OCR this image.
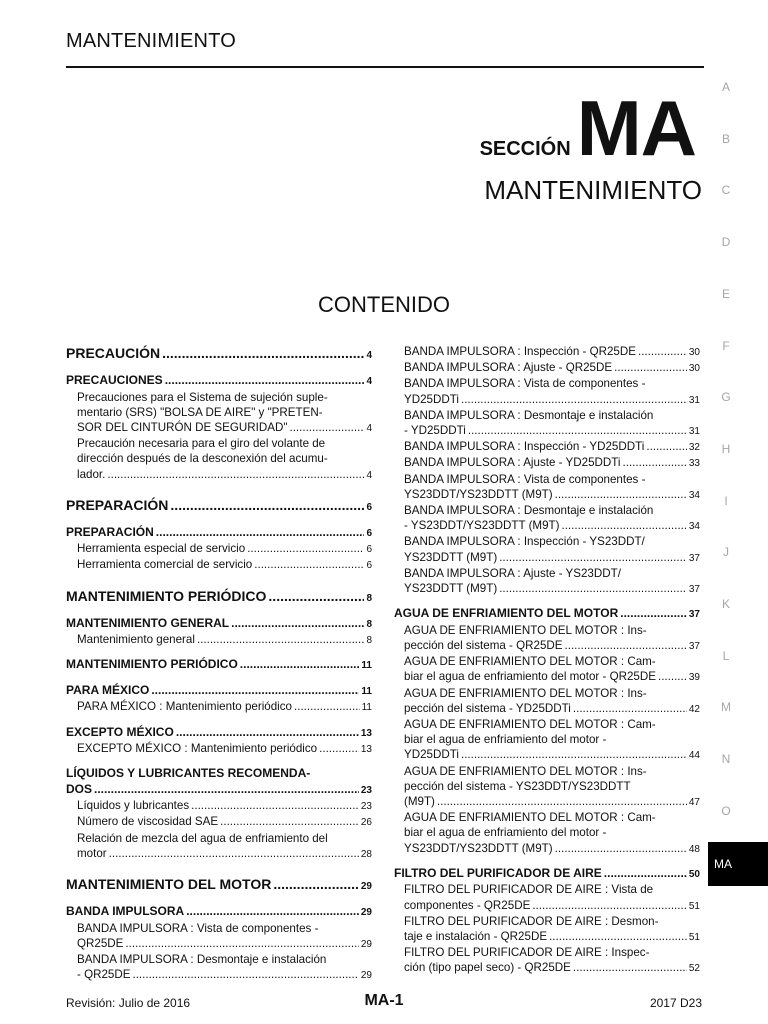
MANTENIMIENTO
A
B
C
D
E
F
G
H
I
J
K
L
M
N
O
MA
SECCIÓNMA
MANTENIMIENTO
CONTENIDO
PRECAUCIÓN .....	4
PRECAUCIONES .....	4
Precauciones para el Sistema de sujeción suple-
mentario (SRS) "BOLSA DE AIRE" y "PRETEN-
SOR DEL CINTURÓN DE SEGURIDAD" .....	4
Precaución necesaria para el giro del volante de
dirección después de la desconexión del acumu-
lador. .....	4
PREPARACIÓN .....	6
PREPARACIÓN .....	6
Herramienta especial de servicio .....	6
Herramienta comercial de servicio .....	6
MANTENIMIENTO PERIÓDICO .....	8
MANTENIMIENTO GENERAL .....	8
Mantenimiento general .....	8
MANTENIMIENTO PERIÓDICO .....	11
PARA MÉXICO .....	11
PARA MÉXICO : Mantenimiento periódico .....	11
EXCEPTO MÉXICO .....	13
EXCEPTO MÉXICO : Mantenimiento periódico .....	13
LÍQUIDOS Y LUBRICANTES RECOMENDA-
DOS .....	23
Líquidos y lubricantes .....	23
Número de viscosidad SAE .....	26
Relación de mezcla del agua de enfriamiento del
motor .....	28
MANTENIMIENTO DEL MOTOR .....	29
BANDA IMPULSORA .....	29
BANDA IMPULSORA : Vista de componentes -
QR25DE .....	29
BANDA IMPULSORA : Desmontaje e instalación
- QR25DE .....	29
BANDA IMPULSORA : Inspección - QR25DE .....	30
BANDA IMPULSORA : Ajuste - QR25DE .....	30
BANDA IMPULSORA : Vista de componentes -
YD25DDTi .....	31
BANDA IMPULSORA : Desmontaje e instalación
- YD25DDTi .....	31
BANDA IMPULSORA : Inspección - YD25DDTi .....	32
BANDA IMPULSORA : Ajuste - YD25DDTi .....	33
BANDA IMPULSORA : Vista de componentes -
YS23DDT/YS23DDTT (M9T) .....	34
BANDA IMPULSORA : Desmontaje e instalación
- YS23DDT/YS23DDTT (M9T) .....	34
BANDA IMPULSORA : Inspección - YS23DDT/
YS23DDTT (M9T) .....	37
BANDA IMPULSORA : Ajuste - YS23DDT/
YS23DDTT (M9T) .....	37
AGUA DE ENFRIAMIENTO DEL MOTOR .....	37
AGUA DE ENFRIAMIENTO DEL MOTOR : Ins-
pección del sistema - QR25DE .....	37
AGUA DE ENFRIAMIENTO DEL MOTOR : Cam-
biar el agua de enfriamiento del motor - QR25DE .....	39
AGUA DE ENFRIAMIENTO DEL MOTOR : Ins-
pección del sistema - YD25DDTi .....	42
AGUA DE ENFRIAMIENTO DEL MOTOR : Cam-
biar el agua de enfriamiento del motor -
YD25DDTi .....	44
AGUA DE ENFRIAMIENTO DEL MOTOR : Ins-
pección del sistema - YS23DDT/YS23DDTT
(M9T) .....	47
AGUA DE ENFRIAMIENTO DEL MOTOR : Cam-
biar el agua de enfriamiento del motor -
YS23DDT/YS23DDTT (M9T) .....	48
FILTRO DEL PURIFICADOR DE AIRE .....	50
FILTRO DEL PURIFICADOR DE AIRE : Vista de
componentes - QR25DE .....	51
FILTRO DEL PURIFICADOR DE AIRE : Desmon-
taje e instalación - QR25DE .....	51
FILTRO DEL PURIFICADOR DE AIRE : Inspec-
ción (tipo papel seco) - QR25DE .....	52
Revisión: Julio de 2016	MA-1	2017 D23
